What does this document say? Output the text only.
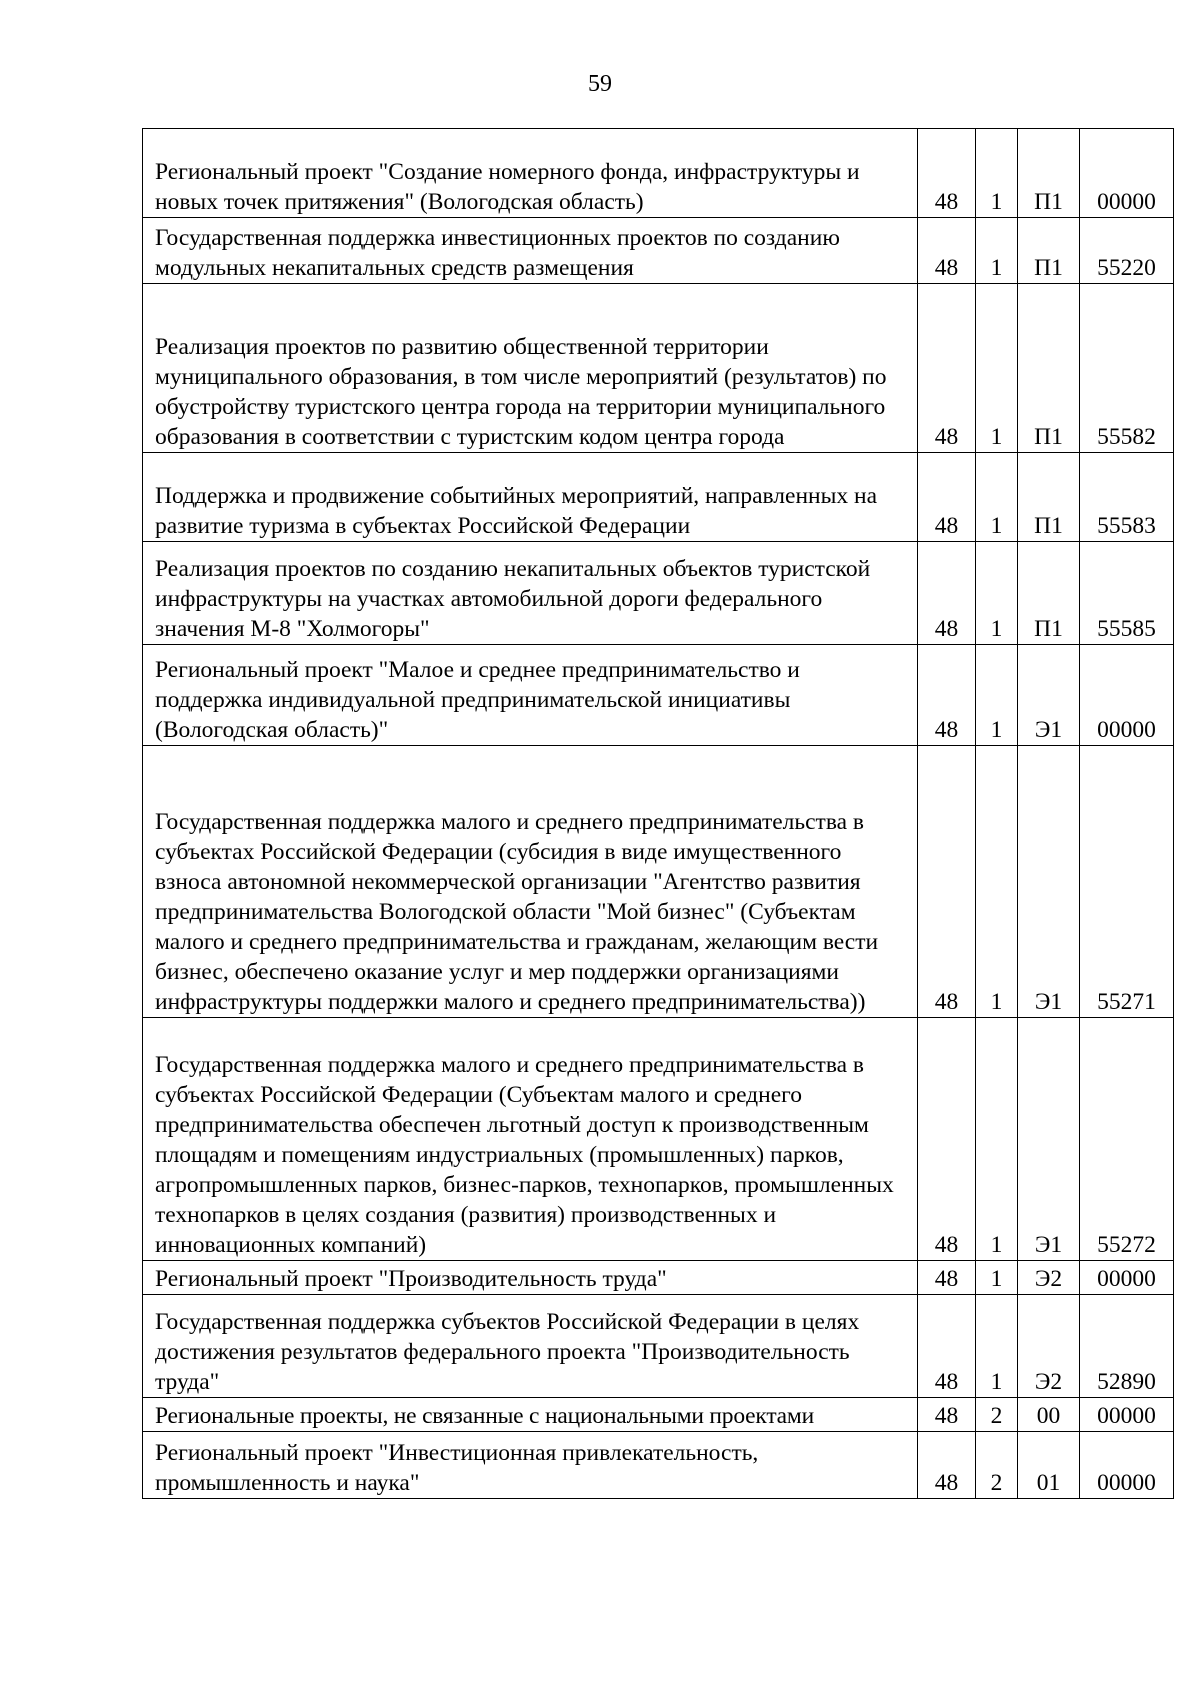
59
Региональный проект "Создание номерного фонда, инфраструктуры и новых точек притяжения" (Вологодская область)	48	1	П1	00000
Государственная поддержка инвестиционных проектов по созданию модульных некапитальных средств размещения	48	1	П1	55220
Реализация проектов по развитию общественной территории муниципального образования, в том числе мероприятий (результатов) по обустройству туристского центра города на территории муниципального образования в соответствии с туристским кодом центра города	48	1	П1	55582
Поддержка и продвижение событийных мероприятий, направленных на развитие туризма в субъектах Российской Федерации	48	1	П1	55583
Реализация проектов по созданию некапитальных объектов туристской инфраструктуры на участках автомобильной дороги федерального значения М-8 "Холмогоры"	48	1	П1	55585
Региональный проект "Малое и среднее предпринимательство и поддержка индивидуальной предпринимательской инициативы (Вологодская область)"	48	1	Э1	00000
Государственная поддержка малого и среднего предпринимательства в субъектах Российской Федерации (субсидия в виде имущественного взноса автономной некоммерческой организации "Агентство развития предпринимательства Вологодской области "Мой бизнес" (Субъектам малого и среднего предпринимательства и гражданам, желающим вести бизнес, обеспечено оказание услуг и мер поддержки организациями инфраструктуры поддержки малого и среднего предпринимательства))	48	1	Э1	55271
Государственная поддержка малого и среднего предпринимательства в субъектах Российской Федерации (Субъектам малого и среднего предпринимательства обеспечен льготный доступ к производственным площадям и помещениям индустриальных (промышленных) парков, агропромышленных парков, бизнес-парков, технопарков, промышленных технопарков в целях создания (развития) производственных и инновационных компаний)	48	1	Э1	55272
Региональный проект "Производительность труда"	48	1	Э2	00000
Государственная поддержка субъектов Российской Федерации в целях достижения результатов федерального проекта "Производительность труда"	48	1	Э2	52890
Региональные проекты, не связанные с национальными проектами	48	2	00	00000
Региональный проект "Инвестиционная привлекательность, промышленность и наука"	48	2	01	00000
